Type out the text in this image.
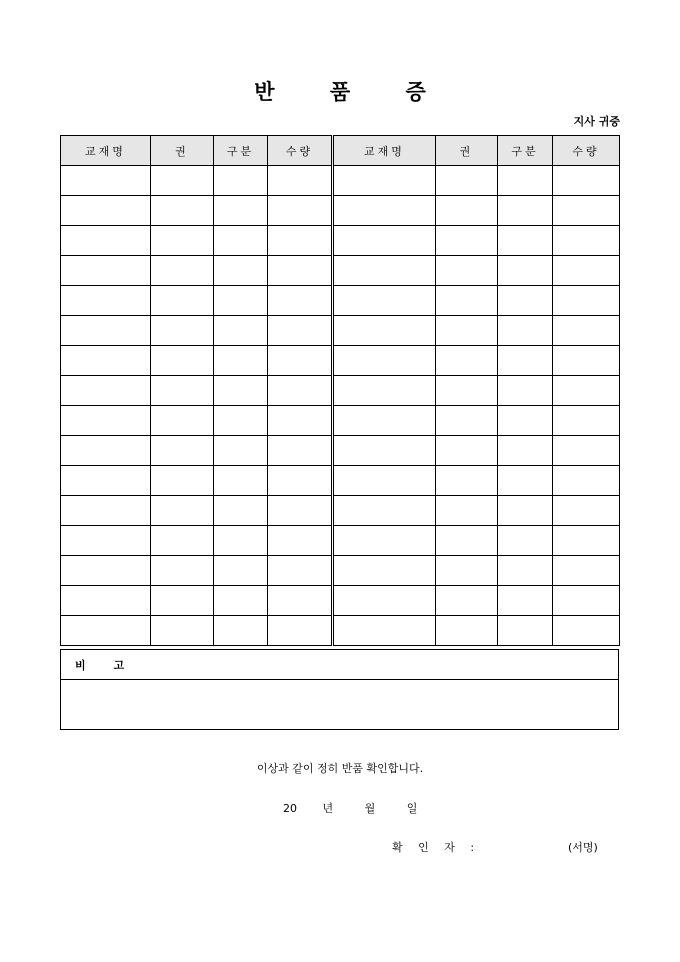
반	품	증
지사 귀중
교재명	권	구분	수량	교재명	권	구분	수량

비고

이상과 같이 정히 반품 확인합니다.
20 년	월	일
확 인 자 :	(서명)
